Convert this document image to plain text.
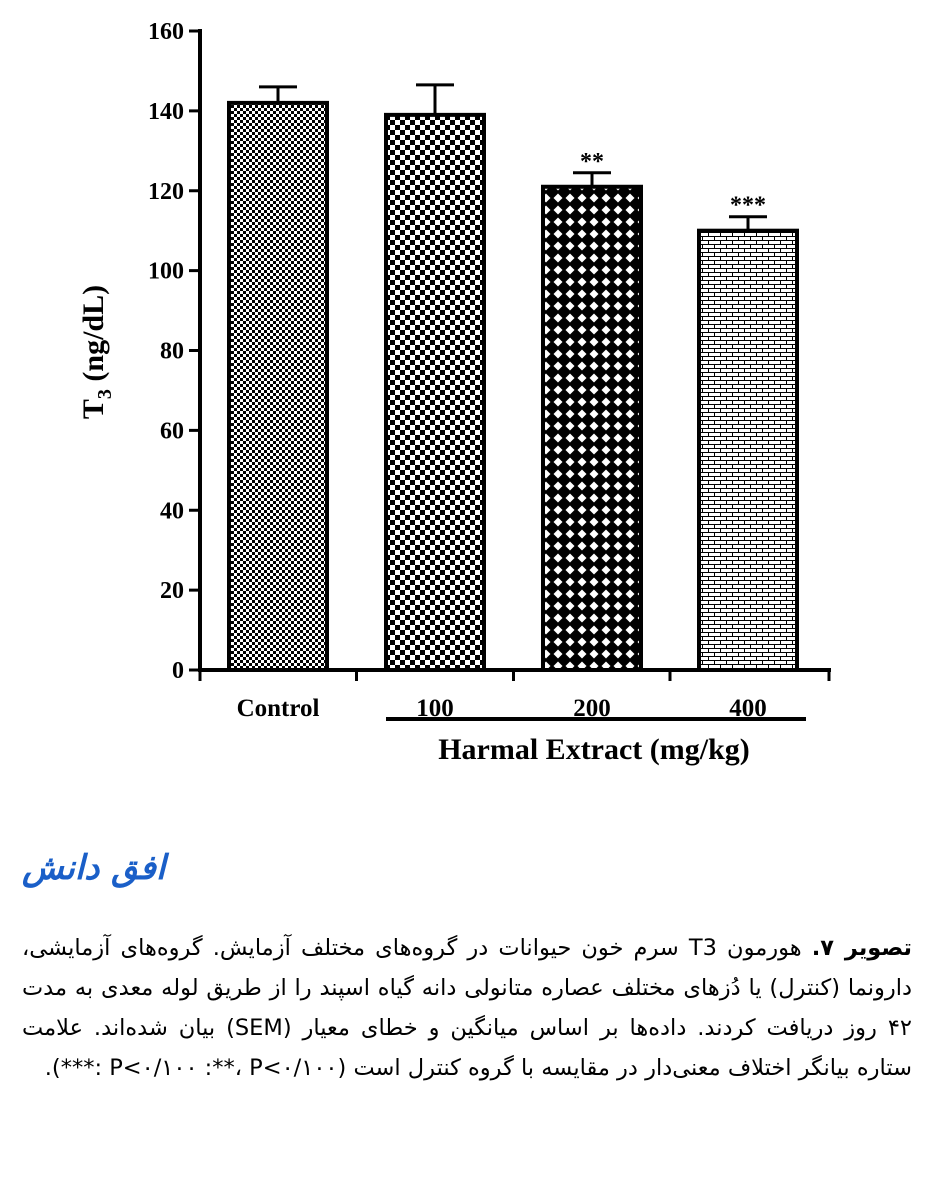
Control	100
**
200
***
400
0
20
40
60
80
100
120
140
160
Harmal Extract (mg/kg)
$T_3$ (ng/dL)
افق دانش
تصویر ۷. هورمون T3 سرم خون حیوانات در گروه‌های مختلف آزمایش. گروه‌های آزمایشی، دارونما (کنترل) یا دُزهای مختلف عصاره متانولی دانه گیاه اسپند را از طریق لوله معدی به مدت ۴۲ روز دریافت کردند. داده‌ها بر اساس میانگین و خطای معیار (SEM) بیان شده‌اند. علامت ستاره بیانگر اختلاف معنی‌دار در مقایسه با گروه کنترل است (P<۰/۱۰۰ :**، P<۰/۱۰۰ :***).
